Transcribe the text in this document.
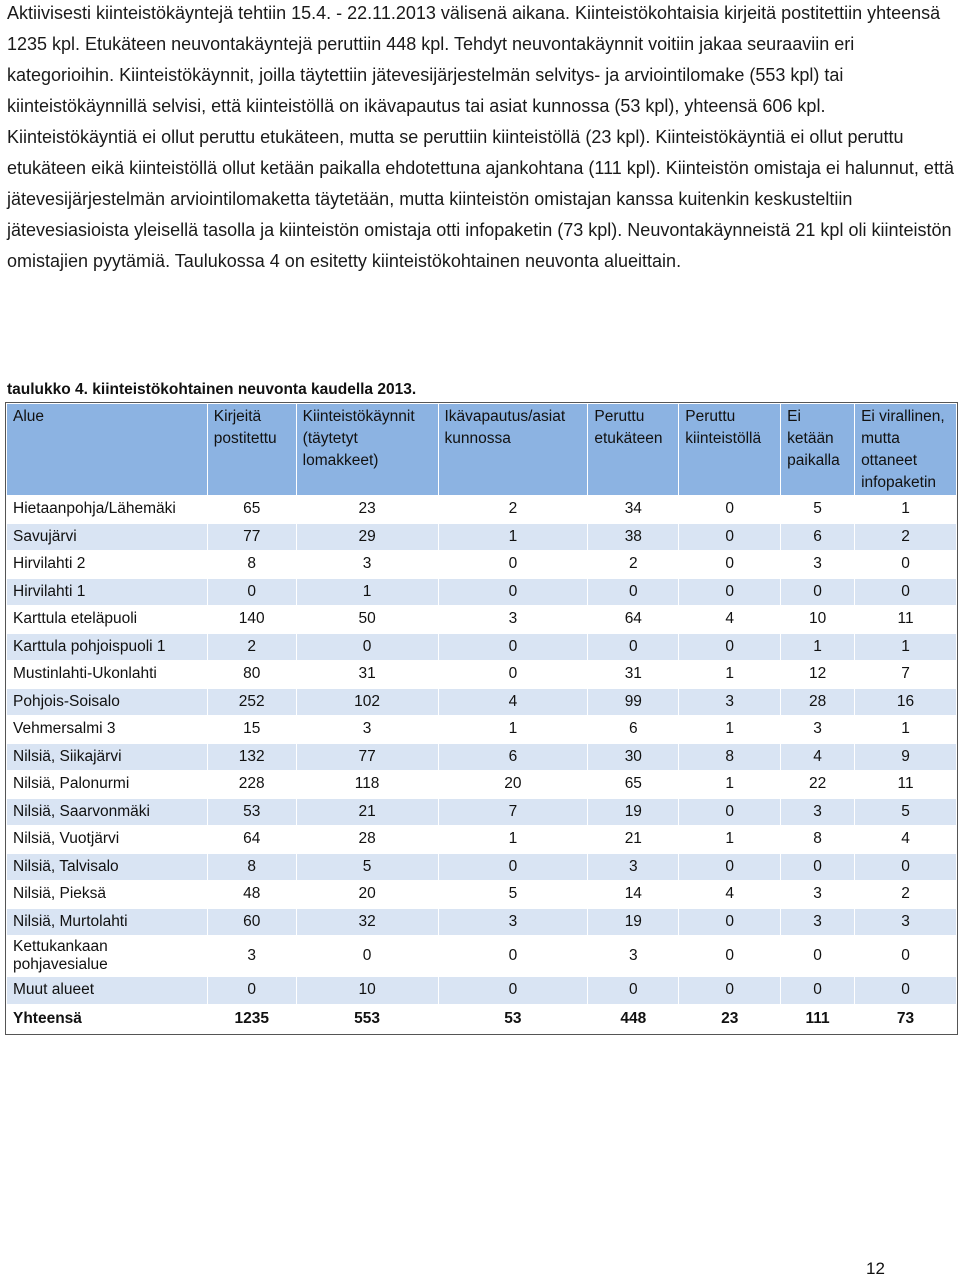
Aktiivisesti kiinteistökäyntejä tehtiin 15.4. - 22.11.2013 välisenä aikana. Kiinteistökohtaisia kirjeitä postitettiin yhteensä 1235 kpl. Etukäteen neuvontakäyntejä peruttiin 448 kpl. Tehdyt neuvontakäynnit voitiin jakaa seuraaviin eri kategorioihin. Kiinteistökäynnit, joilla täytettiin jätevesijärjestelmän selvitys- ja arviointilomake (553 kpl) tai kiinteistökäynnillä selvisi, että kiinteistöllä on ikävapautus tai asiat kunnossa (53 kpl), yhteensä 606 kpl. Kiinteistökäyntiä ei ollut peruttu etukäteen, mutta se peruttiin kiinteistöllä (23 kpl). Kiinteistökäyntiä ei ollut peruttu etukäteen eikä kiinteistöllä ollut ketään paikalla ehdotettuna ajankohtana (111 kpl). Kiinteistön omistaja ei halunnut, että jätevesijärjestelmän arviointilomaketta täytetään, mutta kiinteistön omistajan kanssa kuitenkin keskusteltiin jätevesiasioista yleisellä tasolla ja kiinteistön omistaja otti infopaketin (73 kpl). Neuvontakäynneistä 21 kpl oli kiinteistön omistajien pyytämiä. Taulukossa 4 on esitetty kiinteistökohtainen neuvonta alueittain.

taulukko 4. kiinteistökohtainen neuvonta kaudella 2013.

Alue	Kirjeitä postitettu	Kiinteistökäynnit (täytetyt lomakkeet)	Ikävapautus/asiat kunnossa	Peruttu etukäteen	Peruttu kiinteistöllä	Ei ketään paikalla	Ei virallinen, mutta ottaneet infopaketin
Hietaanpohja/Lähemäki	65	23	2	34	0	5	1
Savujärvi	77	29	1	38	0	6	2
Hirvilahti 2	8	3	0	2	0	3	0
Hirvilahti 1	0	1	0	0	0	0	0
Karttula eteläpuoli	140	50	3	64	4	10	11
Karttula pohjoispuoli 1	2	0	0	0	0	1	1
Mustinlahti-Ukonlahti	80	31	0	31	1	12	7
Pohjois-Soisalo	252	102	4	99	3	28	16
Vehmersalmi 3	15	3	1	6	1	3	1
Nilsiä, Siikajärvi	132	77	6	30	8	4	9
Nilsiä, Palonurmi	228	118	20	65	1	22	11
Nilsiä, Saarvonmäki	53	21	7	19	0	3	5
Nilsiä, Vuotjärvi	64	28	1	21	1	8	4
Nilsiä, Talvisalo	8	5	0	3	0	0	0
Nilsiä, Pieksä	48	20	5	14	4	3	2
Nilsiä, Murtolahti	60	32	3	19	0	3	3
Kettukankaan pohjavesialue	3	0	0	3	0	0	0
Muut alueet	0	10	0	0	0	0	0
Yhteensä	1235	553	53	448	23	111	73
12
